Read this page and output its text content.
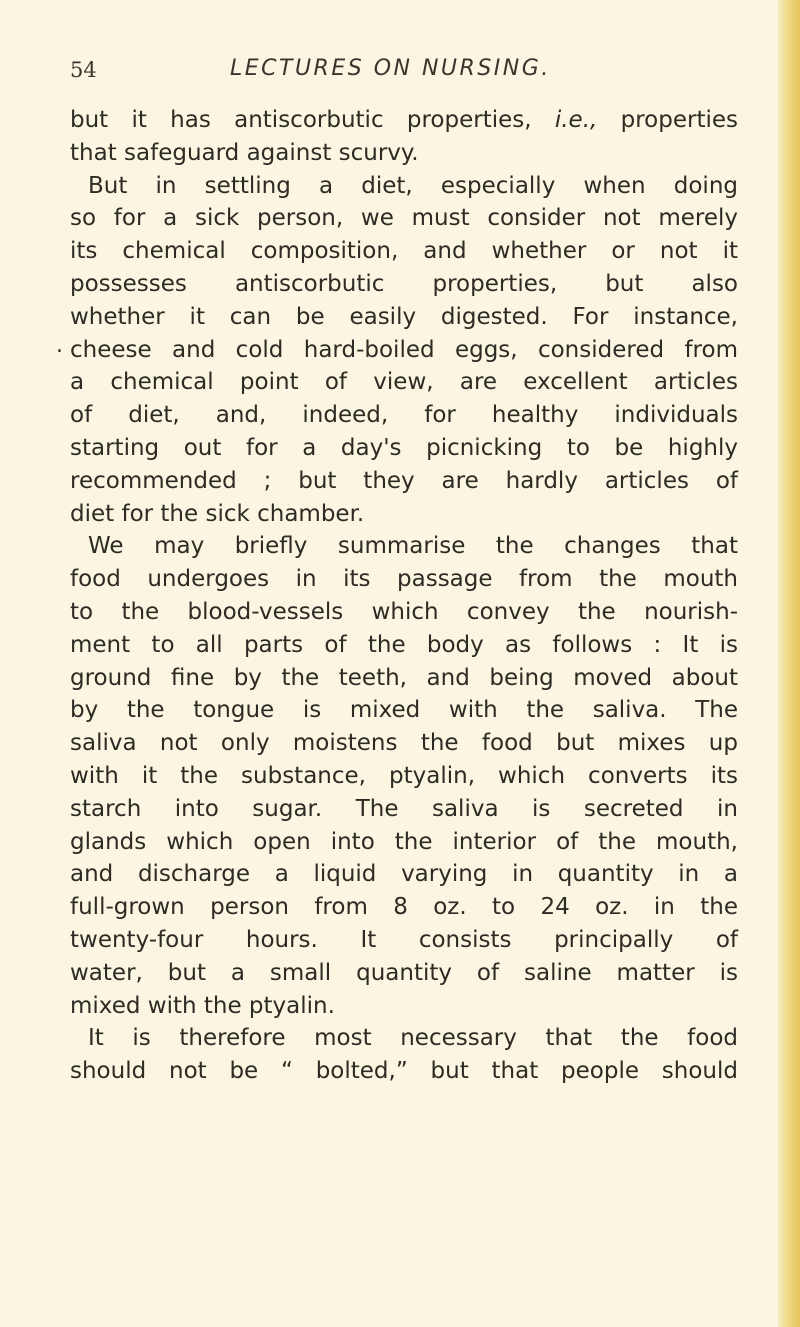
54	LECTURES ON NURSING.
but it has antiscorbutic properties, i.e., properties
that safeguard against scurvy.
But in settling a diet, especially when doing
so for a sick person, we must consider not merely
its chemical composition, and whether or not it
possesses antiscorbutic properties, but also
whether it can be easily digested. For instance,
. cheese and cold hard-boiled eggs, considered from
a chemical point of view, are excellent articles
of diet, and, indeed, for healthy individuals
starting out for a day's picnicking to be highly
recommended ; but they are hardly articles of
diet for the sick chamber.
We may briefly summarise the changes that
food undergoes in its passage from the mouth
to the blood-vessels which convey the nourish-
ment to all parts of the body as follows : It is
ground fine by the teeth, and being moved about
by the tongue is mixed with the saliva. The
saliva not only moistens the food but mixes up
with it the substance, ptyalin, which converts its
starch into sugar. The saliva is secreted in
glands which open into the interior of the mouth,
and discharge a liquid varying in quantity in a
full-grown person from 8 oz. to 24 oz. in the
twenty-four hours. It consists principally of
water, but a small quantity of saline matter is
mixed with the ptyalin.
It is therefore most necessary that the food
should not be “ bolted,” but that people should
